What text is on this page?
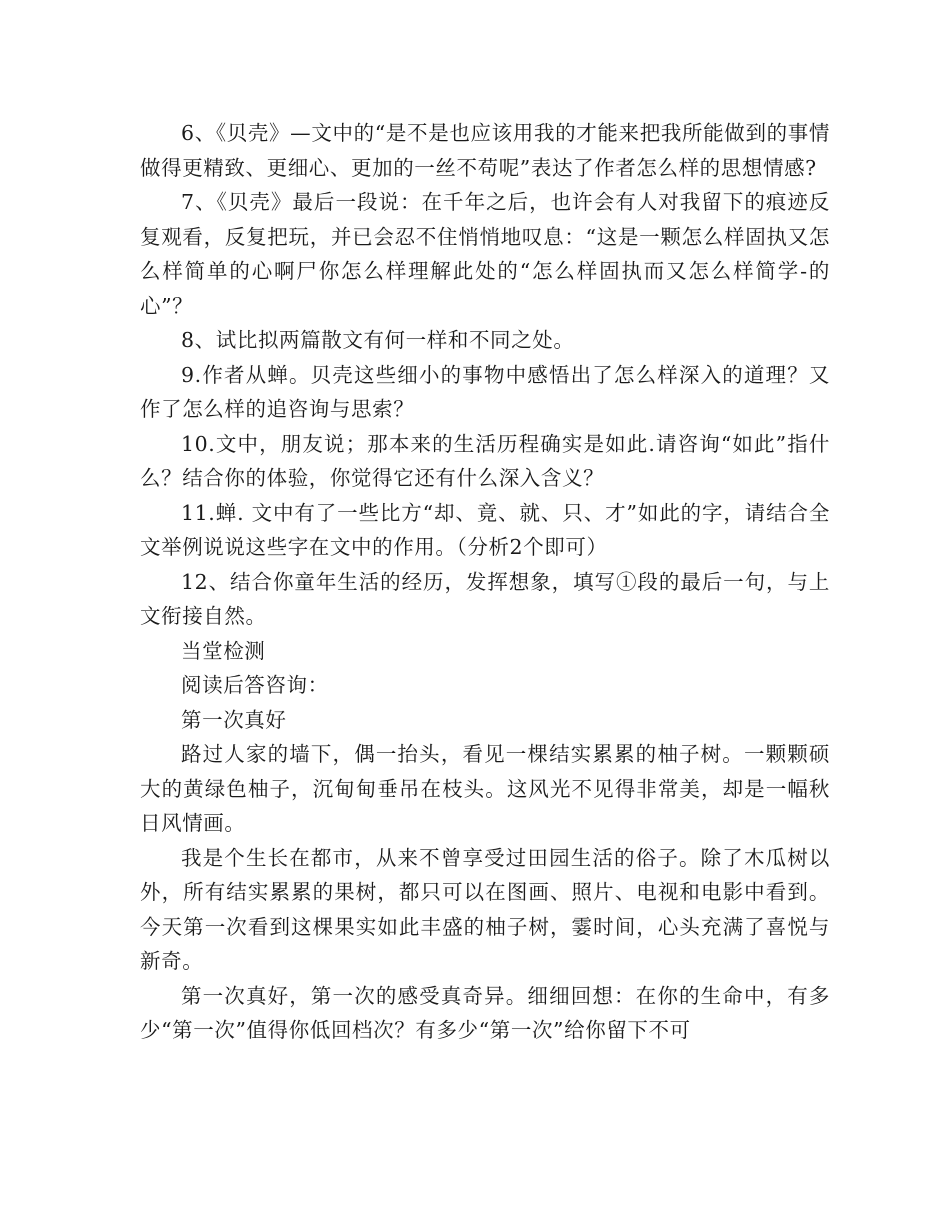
6、《贝壳》—文中的“是不是也应该用我的才能来把我所能做到的事情做得更精致、更细心、更加的一丝不苟呢”表达了作者怎么样的思想情感?

7、《贝壳》最后一段说：在千年之后，也许会有人对我留下的痕迹反复观看，反复把玩，并已会忍不住悄悄地叹息：“这是一颗怎么样固执又怎么样简单的心啊尸你怎么样理解此处的“怎么样固执而又怎么样简学-的心”？

8、试比拟两篇散文有何一样和不同之处。

9.作者从蝉。贝壳这些细小的事物中感悟出了怎么样深入的道理？又作了怎么样的追咨询与思索？

10.文中，朋友说；那本来的生活历程确实是如此.请咨询“如此”指什么？结合你的体验，你觉得它还有什么深入含义？

11.蝉. 文中有了一些比方“却、竟、就、只、才”如此的字，请结合全文举例说说这些字在文中的作用。（分析2个即可）

12、结合你童年生活的经历，发挥想象，填写①段的最后一句，与上文衔接自然。

当堂检测

阅读后答咨询：

第一次真好

路过人家的墙下，偶一抬头，看见一棵结实累累的柚子树。一颗颗硕大的黄绿色柚子，沉甸甸垂吊在枝头。这风光不见得非常美，却是一幅秋日风情画。

我是个生长在都市，从来不曾享受过田园生活的俗子。除了木瓜树以外，所有结实累累的果树，都只可以在图画、照片、电视和电影中看到。今天第一次看到这棵果实如此丰盛的柚子树，霎时间，心头充满了喜悦与新奇。

第一次真好，第一次的感受真奇异。细细回想：在你的生命中，有多少“第一次”值得你低回档次？有多少“第一次”给你留下不可
